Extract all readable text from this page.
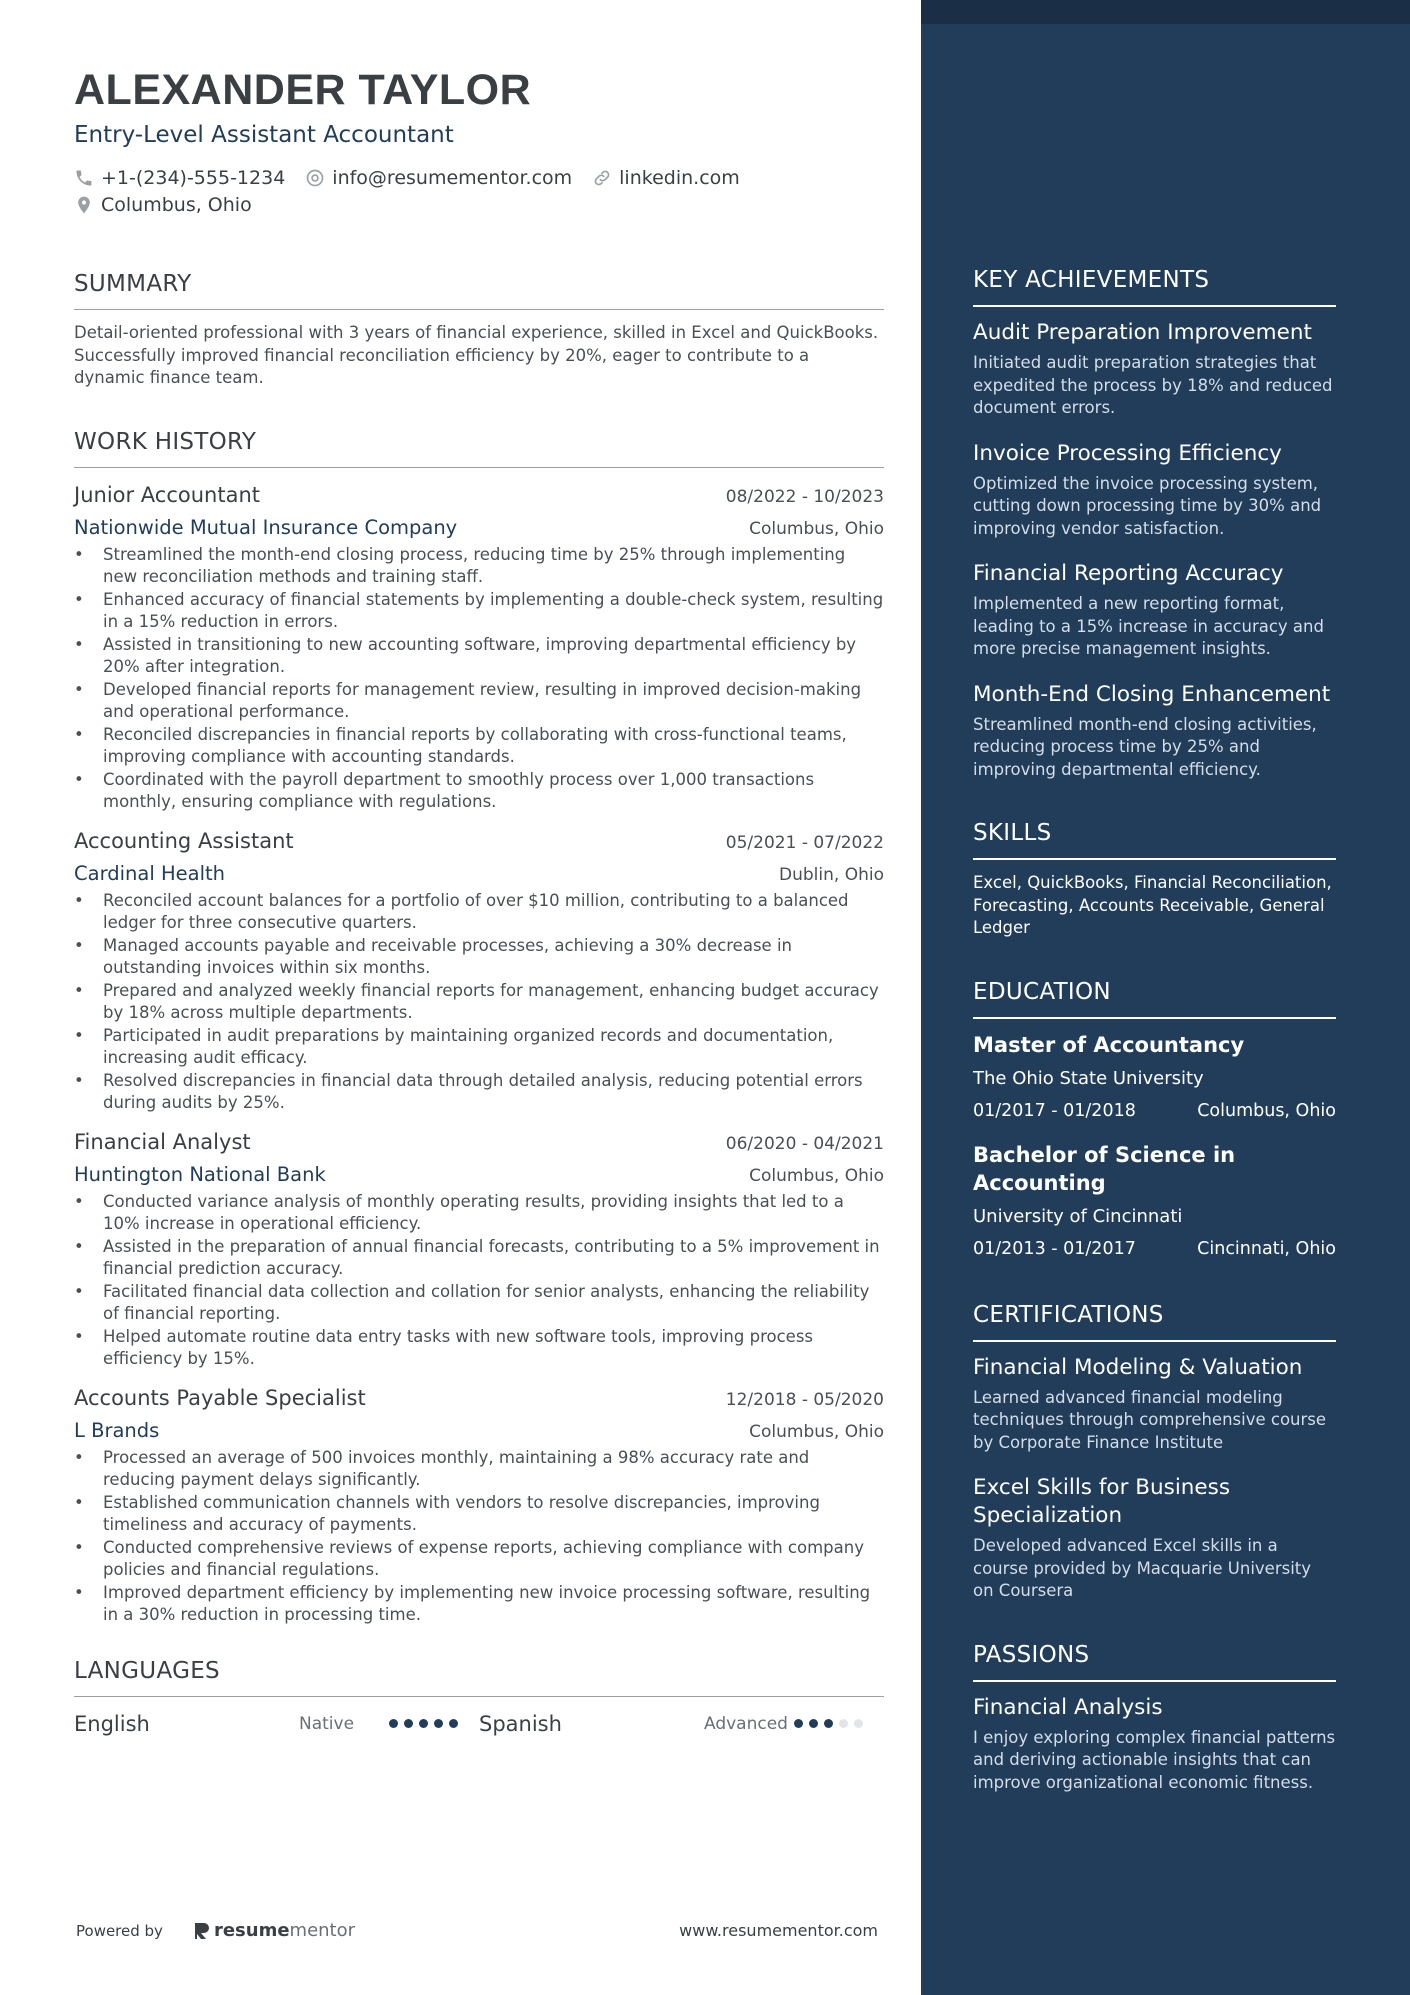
ALEXANDER TAYLOR
Entry-Level Assistant Accountant
+1-(234)-555-1234 info@resumementor.com linkedin.com
Columbus, Ohio
SUMMARY
Detail-oriented professional with 3 years of financial experience, skilled in Excel and QuickBooks. Successfully improved financial reconciliation efficiency by 20%, eager to contribute to a dynamic finance team.
WORK HISTORY
Junior Accountant	08/2022 - 10/2023
Nationwide Mutual Insurance Company	Columbus, Ohio
• Streamlined the month-end closing process, reducing time by 25% through implementing new reconciliation methods and training staff.
• Enhanced accuracy of financial statements by implementing a double-check system, resulting in a 15% reduction in errors.
• Assisted in transitioning to new accounting software, improving departmental efficiency by 20% after integration.
• Developed financial reports for management review, resulting in improved decision-making and operational performance.
• Reconciled discrepancies in financial reports by collaborating with cross-functional teams, improving compliance with accounting standards.
• Coordinated with the payroll department to smoothly process over 1,000 transactions monthly, ensuring compliance with regulations.
Accounting Assistant	05/2021 - 07/2022
Cardinal Health	Dublin, Ohio
• Reconciled account balances for a portfolio of over $10 million, contributing to a balanced ledger for three consecutive quarters.
• Managed accounts payable and receivable processes, achieving a 30% decrease in outstanding invoices within six months.
• Prepared and analyzed weekly financial reports for management, enhancing budget accuracy by 18% across multiple departments.
• Participated in audit preparations by maintaining organized records and documentation, increasing audit efficacy.
• Resolved discrepancies in financial data through detailed analysis, reducing potential errors during audits by 25%.
Financial Analyst	06/2020 - 04/2021
Huntington National Bank	Columbus, Ohio
• Conducted variance analysis of monthly operating results, providing insights that led to a 10% increase in operational efficiency.
• Assisted in the preparation of annual financial forecasts, contributing to a 5% improvement in financial prediction accuracy.
• Facilitated financial data collection and collation for senior analysts, enhancing the reliability of financial reporting.
• Helped automate routine data entry tasks with new software tools, improving process efficiency by 15%.
Accounts Payable Specialist	12/2018 - 05/2020
L Brands	Columbus, Ohio
• Processed an average of 500 invoices monthly, maintaining a 98% accuracy rate and reducing payment delays significantly.
• Established communication channels with vendors to resolve discrepancies, improving timeliness and accuracy of payments.
• Conducted comprehensive reviews of expense reports, achieving compliance with company policies and financial regulations.
• Improved department efficiency by implementing new invoice processing software, resulting in a 30% reduction in processing time.
LANGUAGES
English	Native	Spanish	Advanced
Powered by	resume mentor	www.resumementor.com
KEY ACHIEVEMENTS
Audit Preparation Improvement
Initiated audit preparation strategies that expedited the process by 18% and reduced document errors.
Invoice Processing Efficiency
Optimized the invoice processing system, cutting down processing time by 30% and improving vendor satisfaction.
Financial Reporting Accuracy
Implemented a new reporting format, leading to a 15% increase in accuracy and more precise management insights.
Month-End Closing Enhancement
Streamlined month-end closing activities, reducing process time by 25% and improving departmental efficiency.
SKILLS
Excel, QuickBooks, Financial Reconciliation, Forecasting, Accounts Receivable, General Ledger
EDUCATION
Master of Accountancy
The Ohio State University
01/2017 - 01/2018	Columbus, Ohio
Bachelor of Science in Accounting
University of Cincinnati
01/2013 - 01/2017	Cincinnati, Ohio
CERTIFICATIONS
Financial Modeling & Valuation
Learned advanced financial modeling techniques through comprehensive course by Corporate Finance Institute
Excel Skills for Business Specialization
Developed advanced Excel skills in a course provided by Macquarie University on Coursera
PASSIONS
Financial Analysis
I enjoy exploring complex financial patterns and deriving actionable insights that can improve organizational economic fitness.
